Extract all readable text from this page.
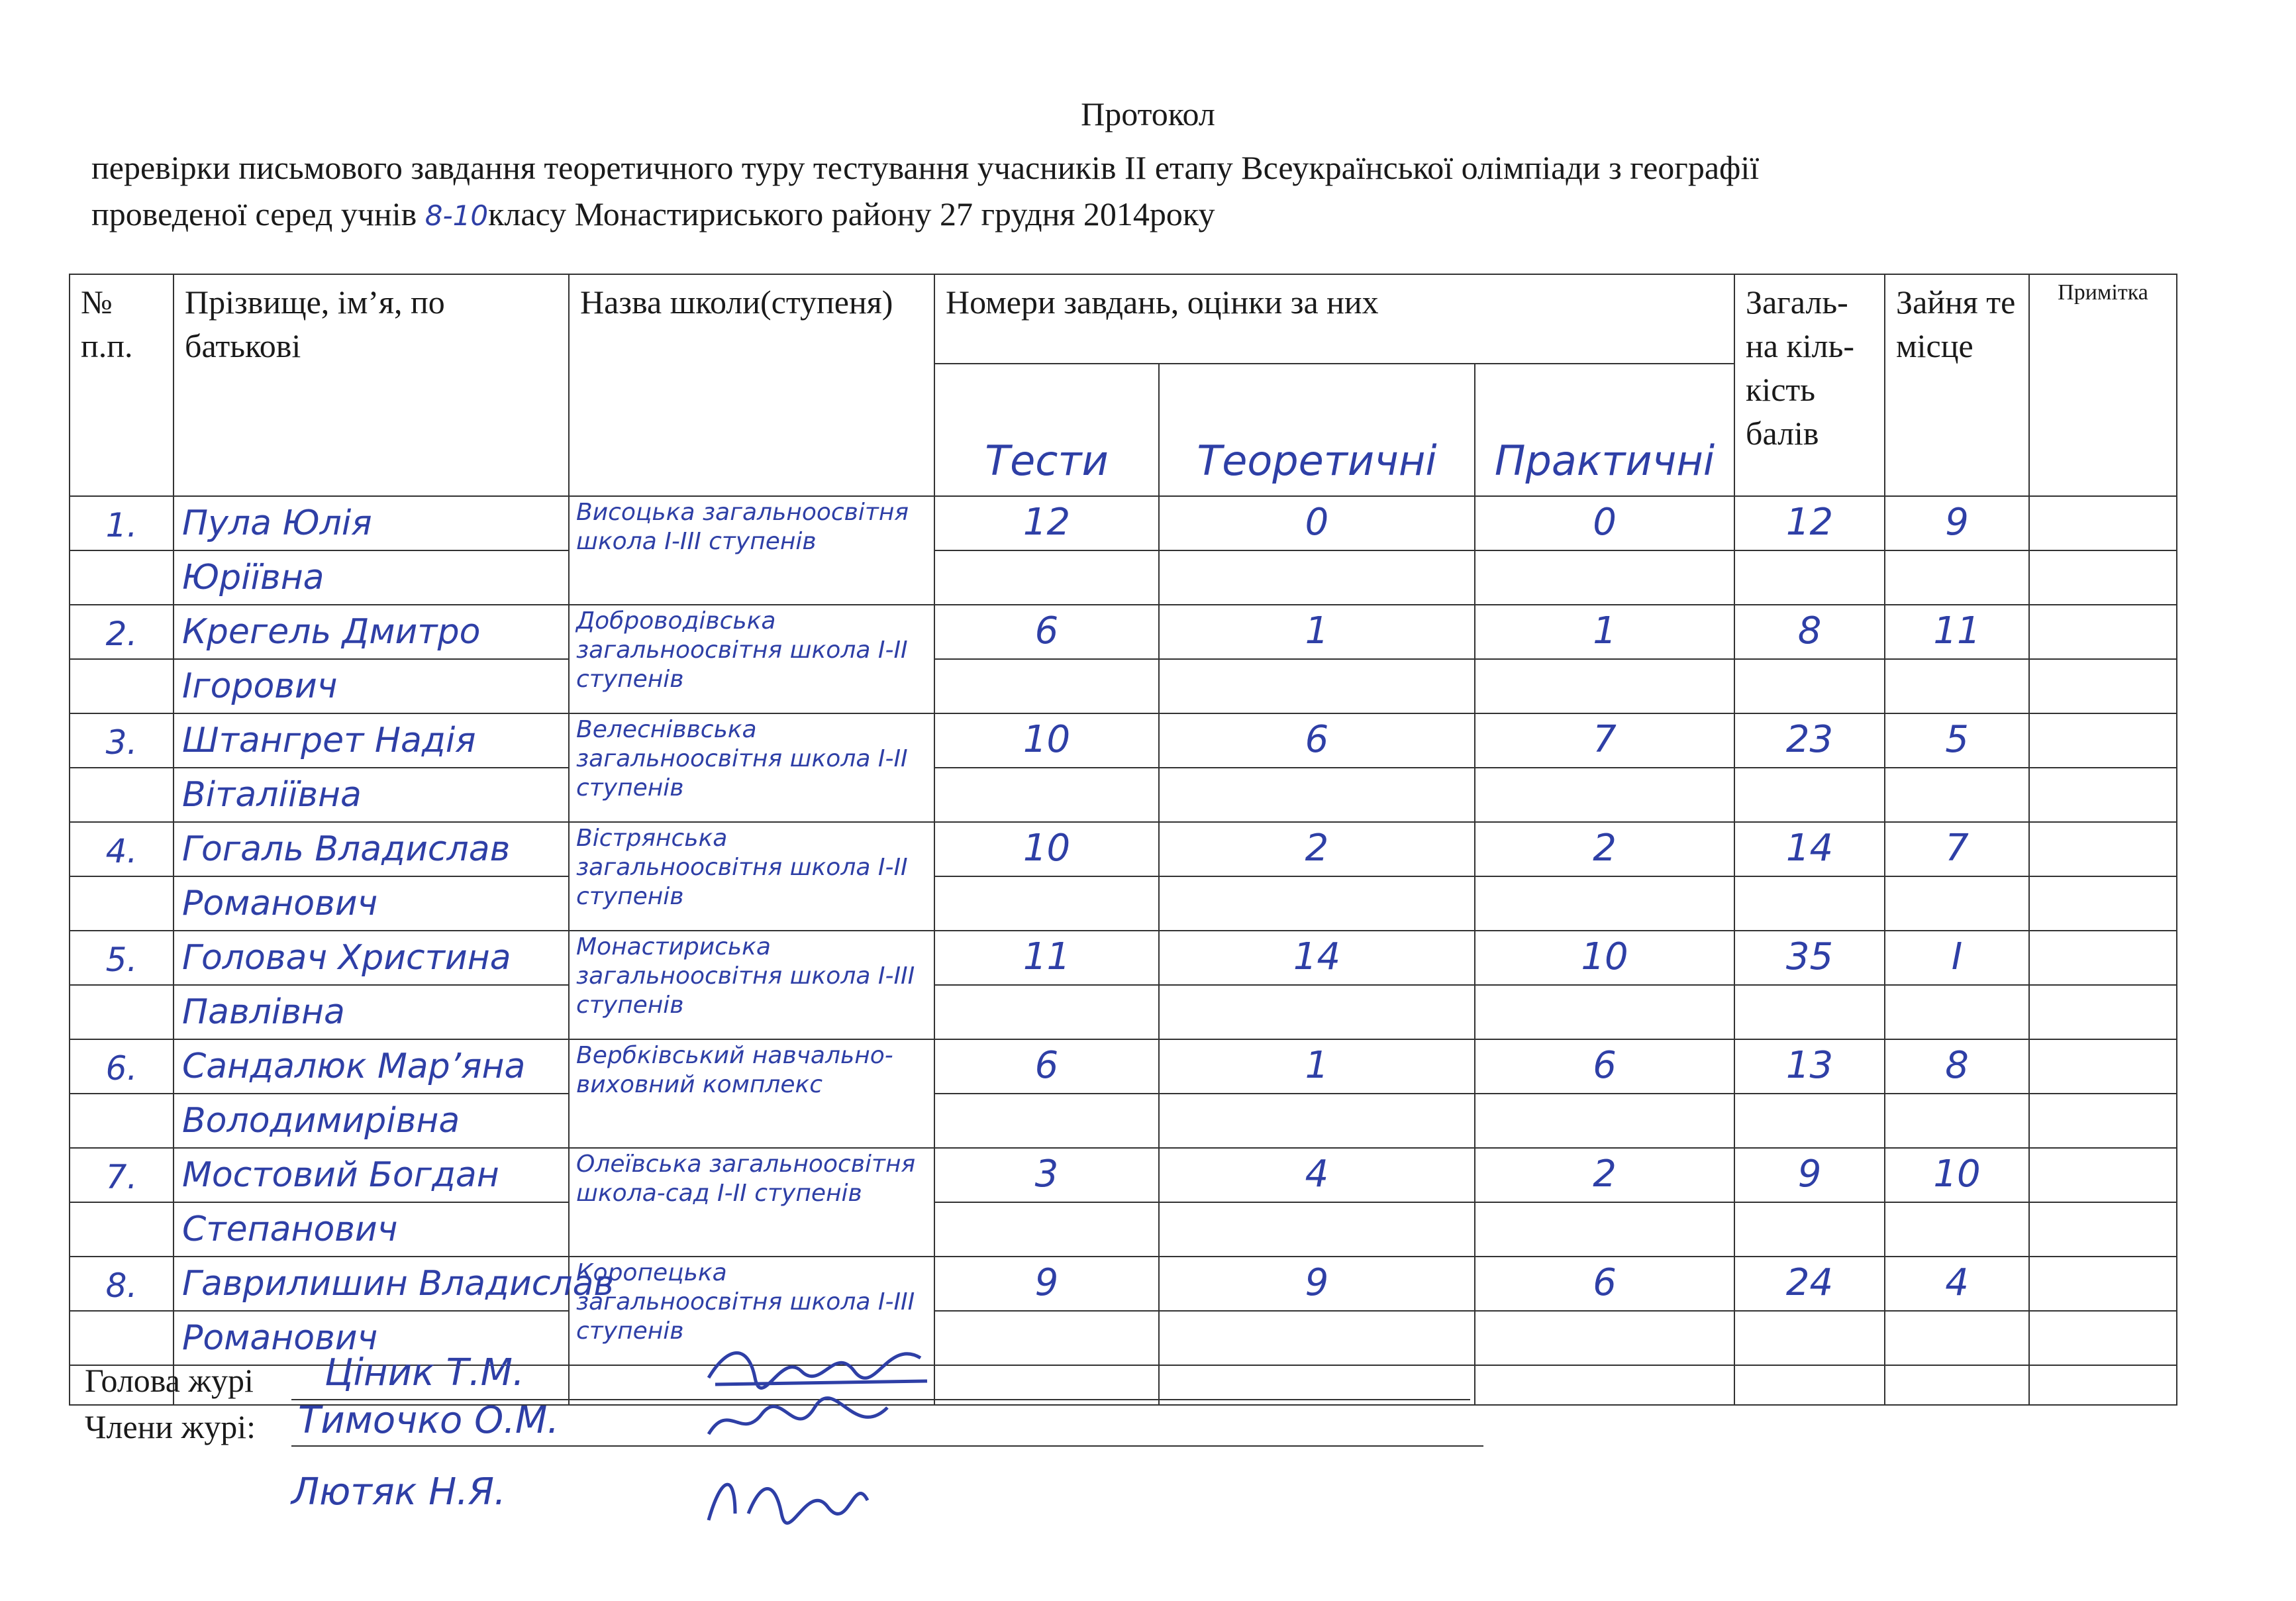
Протокол
перевірки письмового завдання теоретичного туру тестування учасників ІІ етапу Всеукраїнської олімпіади з географії
проведеної серед учнів 8-10класу Монастириського району 27 грудня 2014року
№ п.п.	Прізвище, ім’я, по батькові	Назва школи(ступеня)	Номери завдань, оцінки за них			Загаль-на кіль-кість балів	Зайня те місце	Примітка
			Тести	Теоретичні	Практичні			
1.	Пула Юлія	Висоцька загальноосвітня школа І-ІІІ ступенів	12	0	0	12	9	
	Юріївна							
2.	Крегель Дмитро	Доброводівська загальноосвітня школа І-ІІ ступенів	6	1	1	8	11	
	Ігорович							
3.	Штангрет Надія	Велесніввська загальноосвітня школа І-ІІ ступенів	10	6	7	23	5	
	Віталіївна							
4.	Гогаль Владислав	Вістрянська загальноосвітня школа І-ІІ ступенів	10	2	2	14	7	
	Романович							
5.	Головач Христина	Монастириська загальноосвітня школа І-ІІІ ступенів	11	14	10	35	І	
	Павлівна							
6.	Сандалюк Мар’яна	Вербківський навчально-виховний комплекс	6	1	6	13	8	
	Володимирівна							
7.	Мостовий Богдан	Олеївська загальноосвітня школа-сад І-ІІ ступенів	3	4	2	9	10	
	Степанович							
8.	Гаврилишин Владислав	Коропецька загальноосвітня школа І-ІІІ ступенів	9	9	6	24	4	
	Романович							

Голова журі Ціник Т.М.
Члени журі: Тимочко О.М.
Лютяк Н.Я.
